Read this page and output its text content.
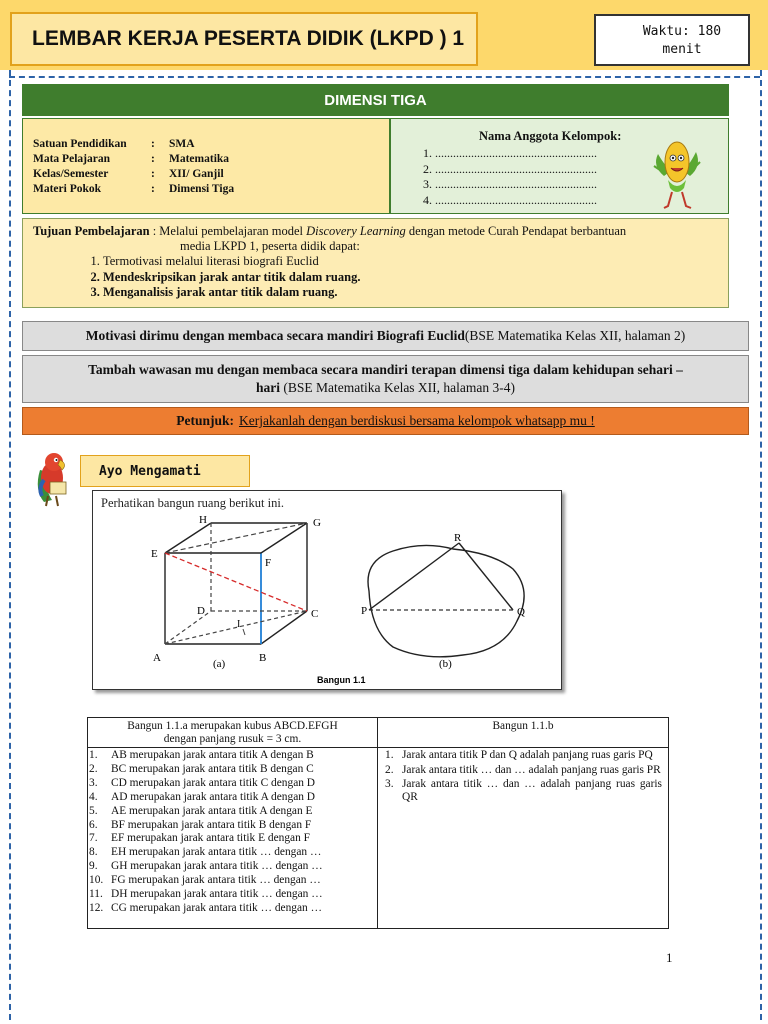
LEMBAR KERJA PESERTA DIDIK (LKPD ) 1	Waktu: 180
menit
DIMENSI TIGA
Satuan Pendidikan	:	SMA
Mata Pelajaran	:	Matematika
Kelas/Semester	:	XII/ Ganjil
Materi Pokok	:	Dimensi Tiga
Nama Anggota Kelompok:
1. ......................................................
2. ......................................................
3. ......................................................
4. ......................................................
Tujuan Pembelajaran : Melalui pembelajaran model Discovery Learning dengan metode Curah Pendapat berbantuan
media LKPD 1, peserta didik dapat:
1. Termotivasi melalui literasi biografi Euclid
2. Mendeskripsikan jarak antar titik dalam ruang.
3. Menganalisis jarak antar titik dalam ruang.
Motivasi dirimu dengan membaca secara mandiri Biografi Euclid (BSE Matematika Kelas XII, halaman 2)
Tambah wawasan mu dengan membaca secara mandiri terapan dimensi tiga dalam kehidupan sehari –
hari (BSE Matematika Kelas XII, halaman 3-4)
Petunjuk: Kerjakanlah dengan berdiskusi bersama kelompok whatsapp mu !
Ayo Mengamati
Perhatikan bangun ruang berikut ini.
A	B
C
D
E
F
G
H
I
(a)
P	Q
R
(b)
Bangun 1.1
Bangun 1.1.a merupakan kubus ABCD.EFGH
dengan panjang rusuk = 3 cm.
Bangun 1.1.b
1.	AB merupakan jarak antara titik A dengan B
2.	BC merupakan jarak antara titik B dengan C
3.	CD merupakan jarak antara titik C dengan D
4.	AD merupakan jarak antara titik A dengan D
5.	AE merupakan jarak antara titik A dengan E
6.	BF merupakan jarak antara titik B dengan F
7.	EF merupakan jarak antara titik E dengan F
8.	EH merupakan jarak antara titik … dengan …
9.	GH merupakan jarak antara titik … dengan …
10. FG merupakan jarak antara titik … dengan …
11. DH merupakan jarak antara titik … dengan …
12. CG merupakan jarak antara titik … dengan …
1. Jarak antara titik P dan Q adalah panjang ruas garis PQ
2. Jarak antara titik … dan … adalah panjang ruas garis PR
3. Jarak antara titik … dan … adalah panjang ruas garis QR
1
